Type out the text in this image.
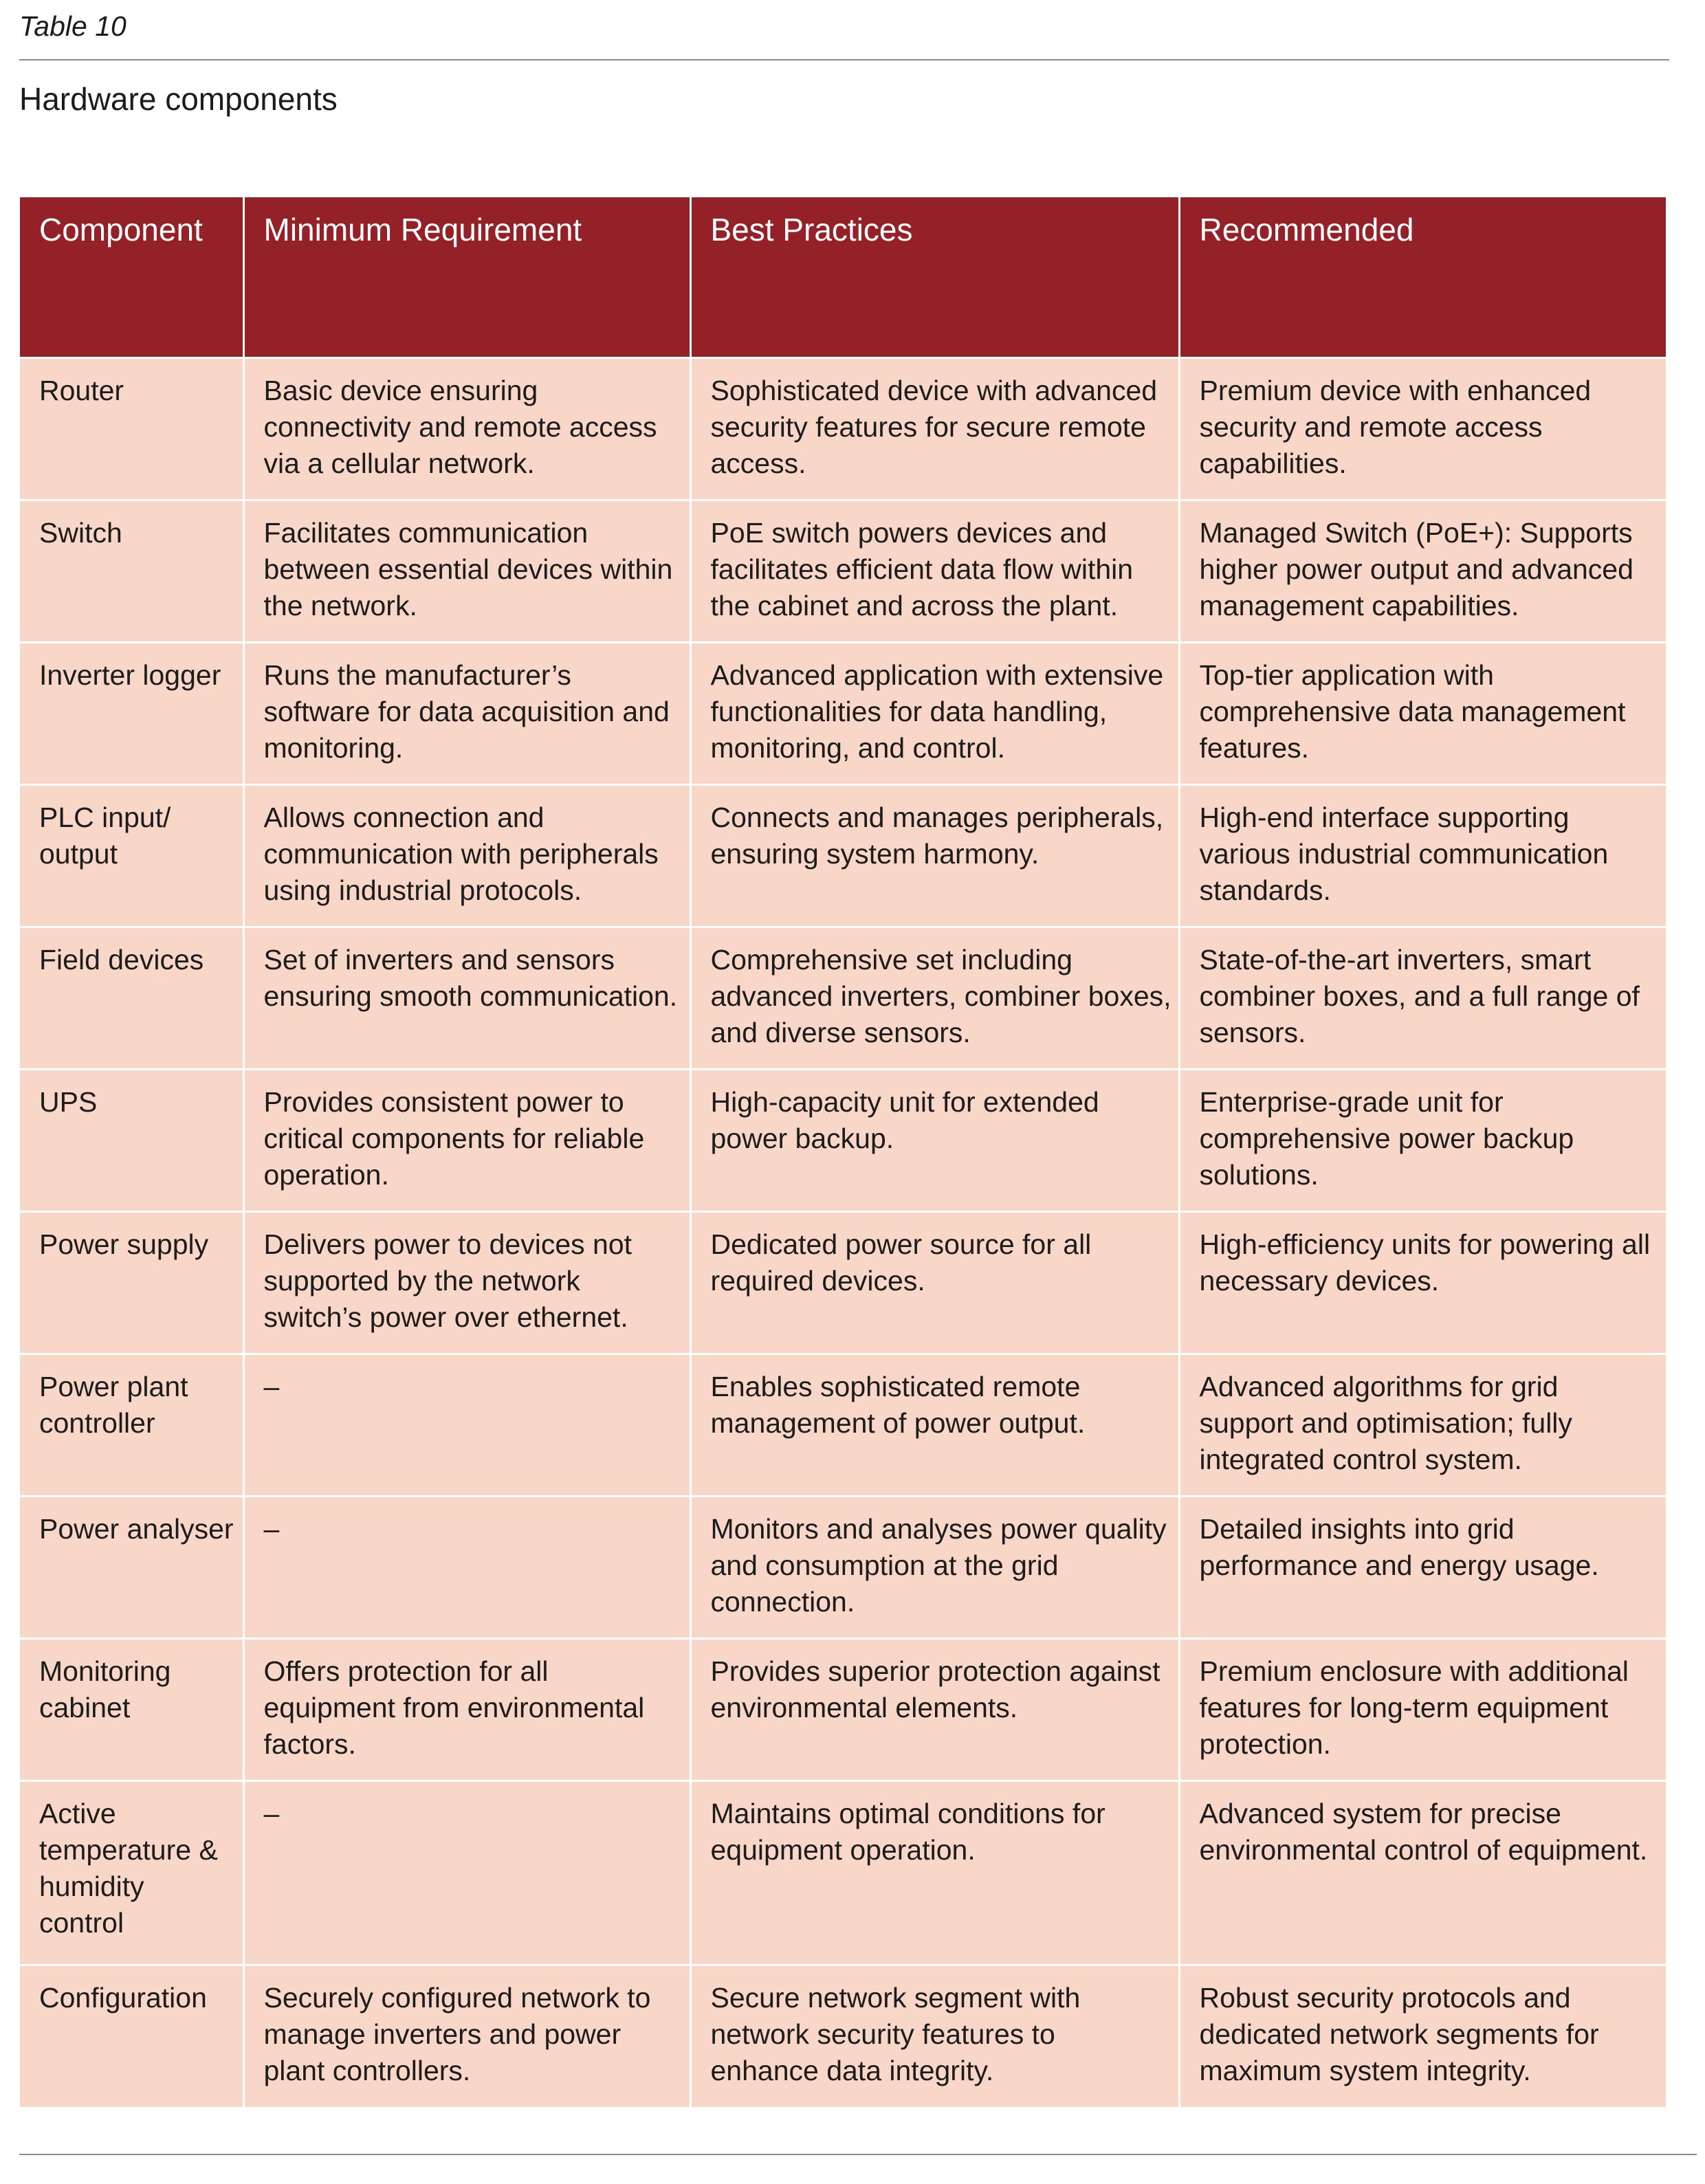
Table 10
Hardware components
Component	Minimum Requirement	Best Practices	Recommended
Router	Basic device ensuring connectivity and remote access via a cellular network.	Sophisticated device with advanced security features for secure remote access.	Premium device with enhanced security and remote access capabilities.
Switch	Facilitates communication between essential devices within the network.	PoE switch powers devices and facilitates efficient data flow within the cabinet and across the plant.	Managed Switch (PoE+): Supports higher power output and advanced management capabilities.
Inverter logger	Runs the manufacturer’s software for data acquisition and monitoring.	Advanced application with extensive functionalities for data handling, monitoring, and control.	Top-tier application with comprehensive data management features.
PLC input/ output	Allows connection and communication with peripherals using industrial protocols.	Connects and manages peripherals, ensuring system harmony.	High-end interface supporting various industrial communication standards.
Field devices	Set of inverters and sensors ensuring smooth communication.	Comprehensive set including advanced inverters, combiner boxes, and diverse sensors.	State-of-the-art inverters, smart combiner boxes, and a full range of sensors.
UPS	Provides consistent power to critical components for reliable operation.	High-capacity unit for extended power backup.	Enterprise-grade unit for comprehensive power backup solutions.
Power supply	Delivers power to devices not supported by the network switch’s power over ethernet.	Dedicated power source for all required devices.	High-efficiency units for powering all necessary devices.
Power plant controller	–	Enables sophisticated remote management of power output.	Advanced algorithms for grid support and optimisation; fully integrated control system.
Power analyser	–	Monitors and analyses power quality and consumption at the grid connection.	Detailed insights into grid performance and energy usage.
Monitoring cabinet	Offers protection for all equipment from environmental factors.	Provides superior protection against environmental elements.	Premium enclosure with additional features for long-term equipment protection.
Active temperature & humidity control	–	Maintains optimal conditions for equipment operation.	Advanced system for precise environmental control of equipment.
Configuration	Securely configured network to manage inverters and power plant controllers.	Secure network segment with network security features to enhance data integrity.	Robust security protocols and dedicated network segments for maximum system integrity.
